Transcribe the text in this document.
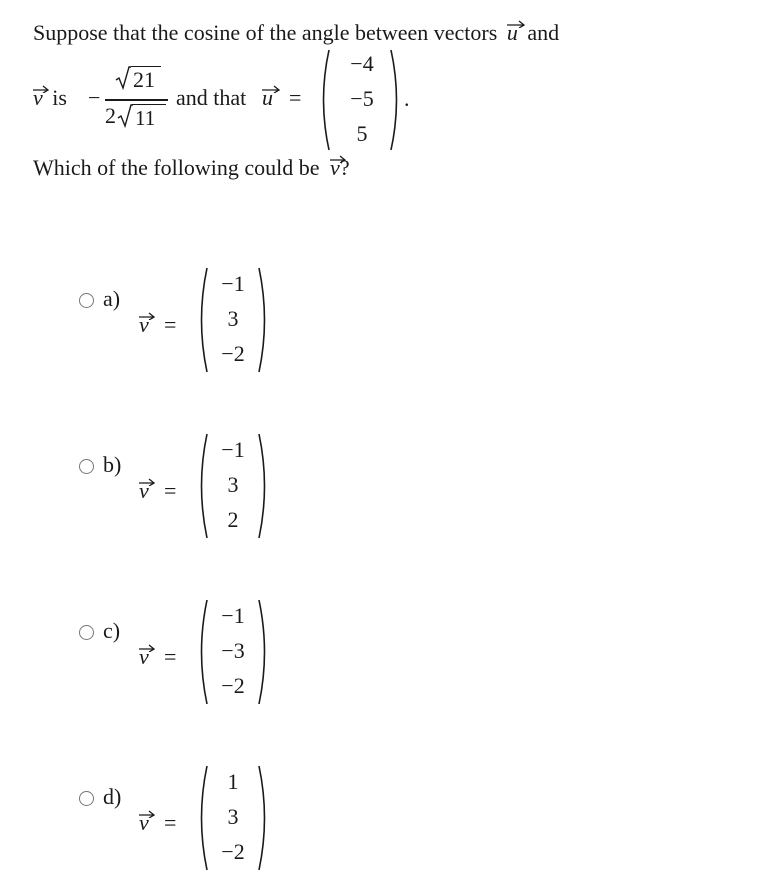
Suppose that the cosine of the angle between vectors u and
v is −
21
2 11
and that u =
−4
−5
5
.
Which of the following could be v?
a)
v =
−1
3
−2
b)
v =
−1
3
2
c)
v =
−1
−3
−2
d)
v =
1
3
−2
